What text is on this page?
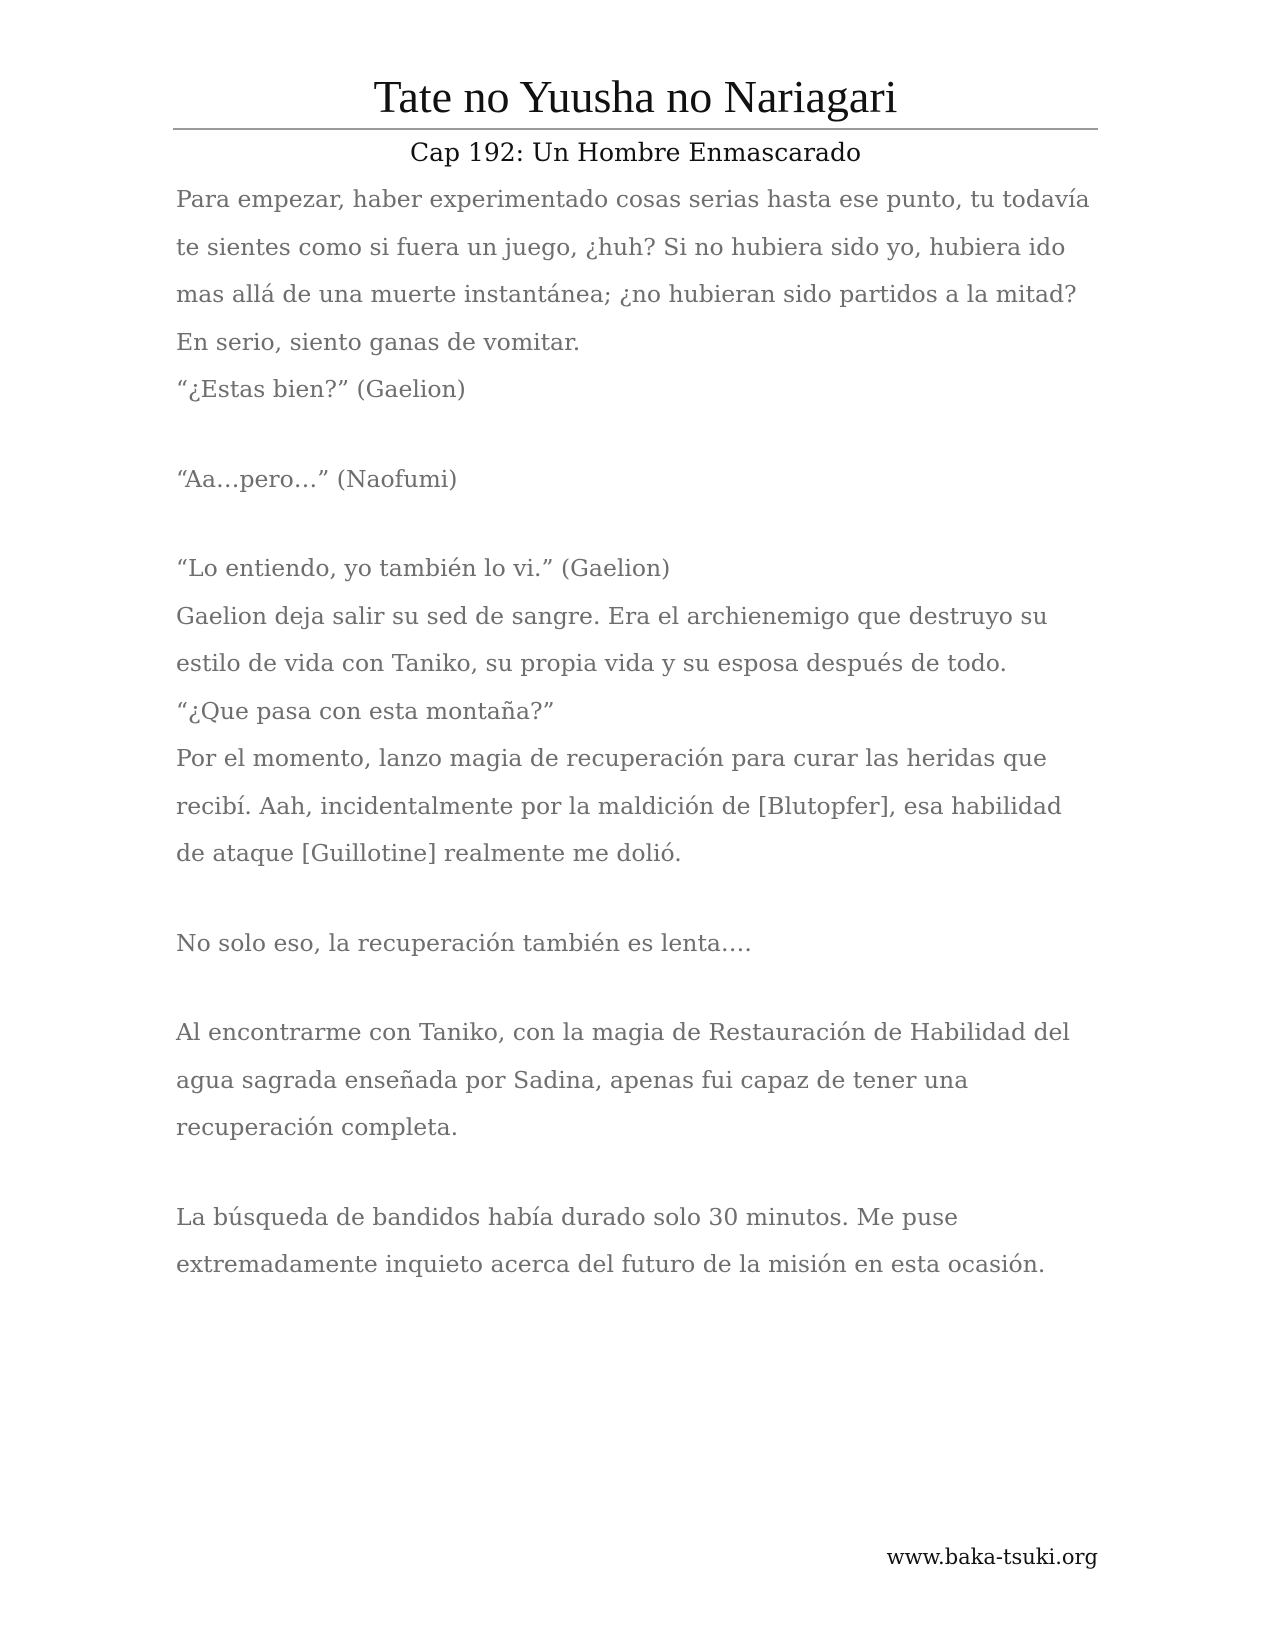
Tate no Yuusha no Nariagari
Cap 192: Un Hombre Enmascarado

Para empezar, haber experimentado cosas serias hasta ese punto, tu todavía te sientes como si fuera un juego, ¿huh? Si no hubiera sido yo, hubiera ido mas allá de una muerte instantánea; ¿no hubieran sido partidos a la mitad? En serio, siento ganas de vomitar.

“¿Estas bien?” (Gaelion)

“Aa…pero…” (Naofumi)

“Lo entiendo, yo también lo vi.” (Gaelion)

Gaelion deja salir su sed de sangre. Era el archienemigo que destruyo su estilo de vida con Taniko, su propia vida y su esposa después de todo.

“¿Que pasa con esta montaña?”

Por el momento, lanzo magia de recuperación para curar las heridas que recibí. Aah, incidentalmente por la maldición de [Blutopfer], esa habilidad de ataque [Guillotine] realmente me dolió.

No solo eso, la recuperación también es lenta….

Al encontrarme con Taniko, con la magia de Restauración de Habilidad del agua sagrada enseñada por Sadina, apenas fui capaz de tener una recuperación completa.

La búsqueda de bandidos había durado solo 30 minutos. Me puse extremadamente inquieto acerca del futuro de la misión en esta ocasión.

www.baka-tsuki.org
